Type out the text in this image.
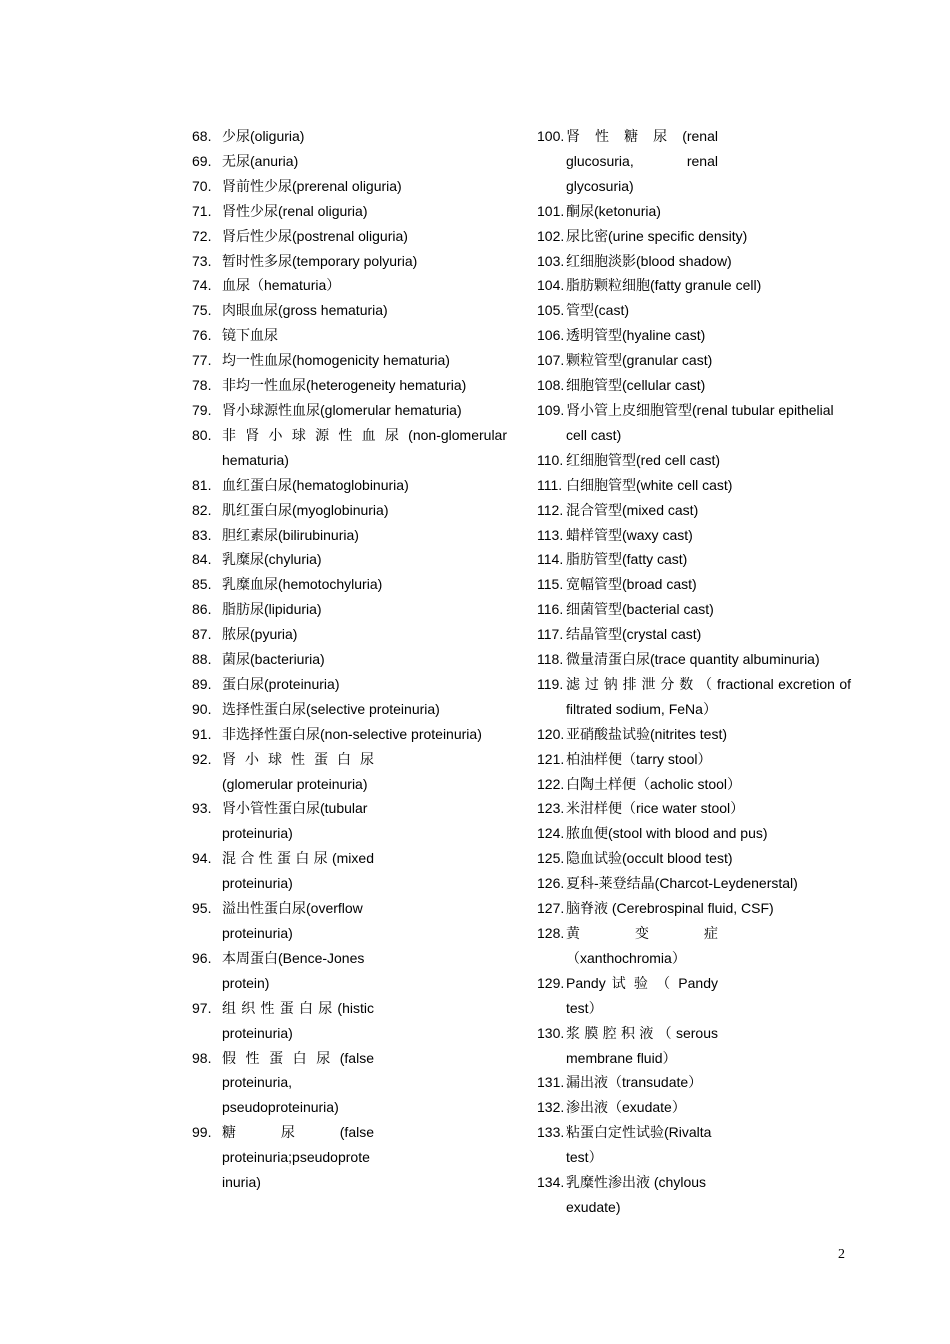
68. 少尿(oliguria)
69. 无尿(anuria)
70. 肾前性少尿(prerenal oliguria)
71. 肾性少尿(renal oliguria)
72. 肾后性少尿(postrenal oliguria)
73. 暂时性多尿(temporary polyuria)
74. 血尿（hematuria）
75. 肉眼血尿(gross hematuria)
76. 镜下血尿
77. 均一性血尿(homogenicity hematuria)
78. 非均一性血尿(heterogeneity hematuria)
79. 肾小球源性血尿(glomerular hematuria)
80. 非 肾 小 球 源 性 血 尿 (non-glomerular
hematuria)
81. 血红蛋白尿(hematoglobinuria)
82. 肌红蛋白尿(myoglobinuria)
83. 胆红素尿(bilirubinuria)
84. 乳糜尿(chyluria)
85. 乳糜血尿(hemotochyluria)
86. 脂肪尿(lipiduria)
87. 脓尿(pyuria)
88. 菌尿(bacteriuria)
89. 蛋白尿(proteinuria)
90. 选择性蛋白尿(selective proteinuria)
91. 非选择性蛋白尿(non-selective proteinuria)
92. 肾 小 球 性 蛋 白 尿
(glomerular proteinuria)
93. 肾小管性蛋白尿(tubular
proteinuria)
94. 混 合 性 蛋 白 尿 (mixed
proteinuria)
95. 溢出性蛋白尿(overflow
proteinuria)
96. 本周蛋白(Bence-Jones
protein)
97. 组 织 性 蛋 白 尿 (histic
proteinuria)
98. 假 性 蛋 白 尿 (false
proteinuria,
pseudoproteinuria)
99. 糖 尿 (false
proteinuria;pseudoprote
inuria)
100. 肾 性 糖 尿 (renal
glucosuria, renal
glycosuria)
101. 酮尿(ketonuria)
102. 尿比密(urine specific density)
103. 红细胞淡影(blood shadow)
104. 脂肪颗粒细胞(fatty granule cell)
105. 管型(cast)
106. 透明管型(hyaline cast)
107. 颗粒管型(granular cast)
108. 细胞管型(cellular cast)
109. 肾小管上皮细胞管型(renal tubular epithelial
cell cast)
110. 红细胞管型(red cell cast)
111. 白细胞管型(white cell cast)
112. 混合管型(mixed cast)
113. 蜡样管型(waxy cast)
114. 脂肪管型(fatty cast)
115. 宽幅管型(broad cast)
116. 细菌管型(bacterial cast)
117. 结晶管型(crystal cast)
118. 微量清蛋白尿(trace quantity albuminuria)
119. 滤 过 钠 排 泄 分 数 （ fractional excretion of
filtrated sodium, FeNa）
120. 亚硝酸盐试验(nitrites test)
121. 柏油样便（tarry stool）
122. 白陶土样便（acholic stool）
123. 米泔样便（rice water stool）
124. 脓血便(stool with blood and pus)
125. 隐血试验(occult blood test)
126. 夏科-莱登结晶(Charcot-Leydenerstal)
127. 脑脊液 (Cerebrospinal fluid, CSF)
128. 黄 变 症
（xanthochromia）
129. Pandy 试 验 （ Pandy
test）
130. 浆 膜 腔 积 液 （ serous
membrane fluid）
131. 漏出液（transudate）
132. 渗出液（exudate）
133. 粘蛋白定性试验(Rivalta
test）
134. 乳糜性渗出液 (chylous
exudate)
2
